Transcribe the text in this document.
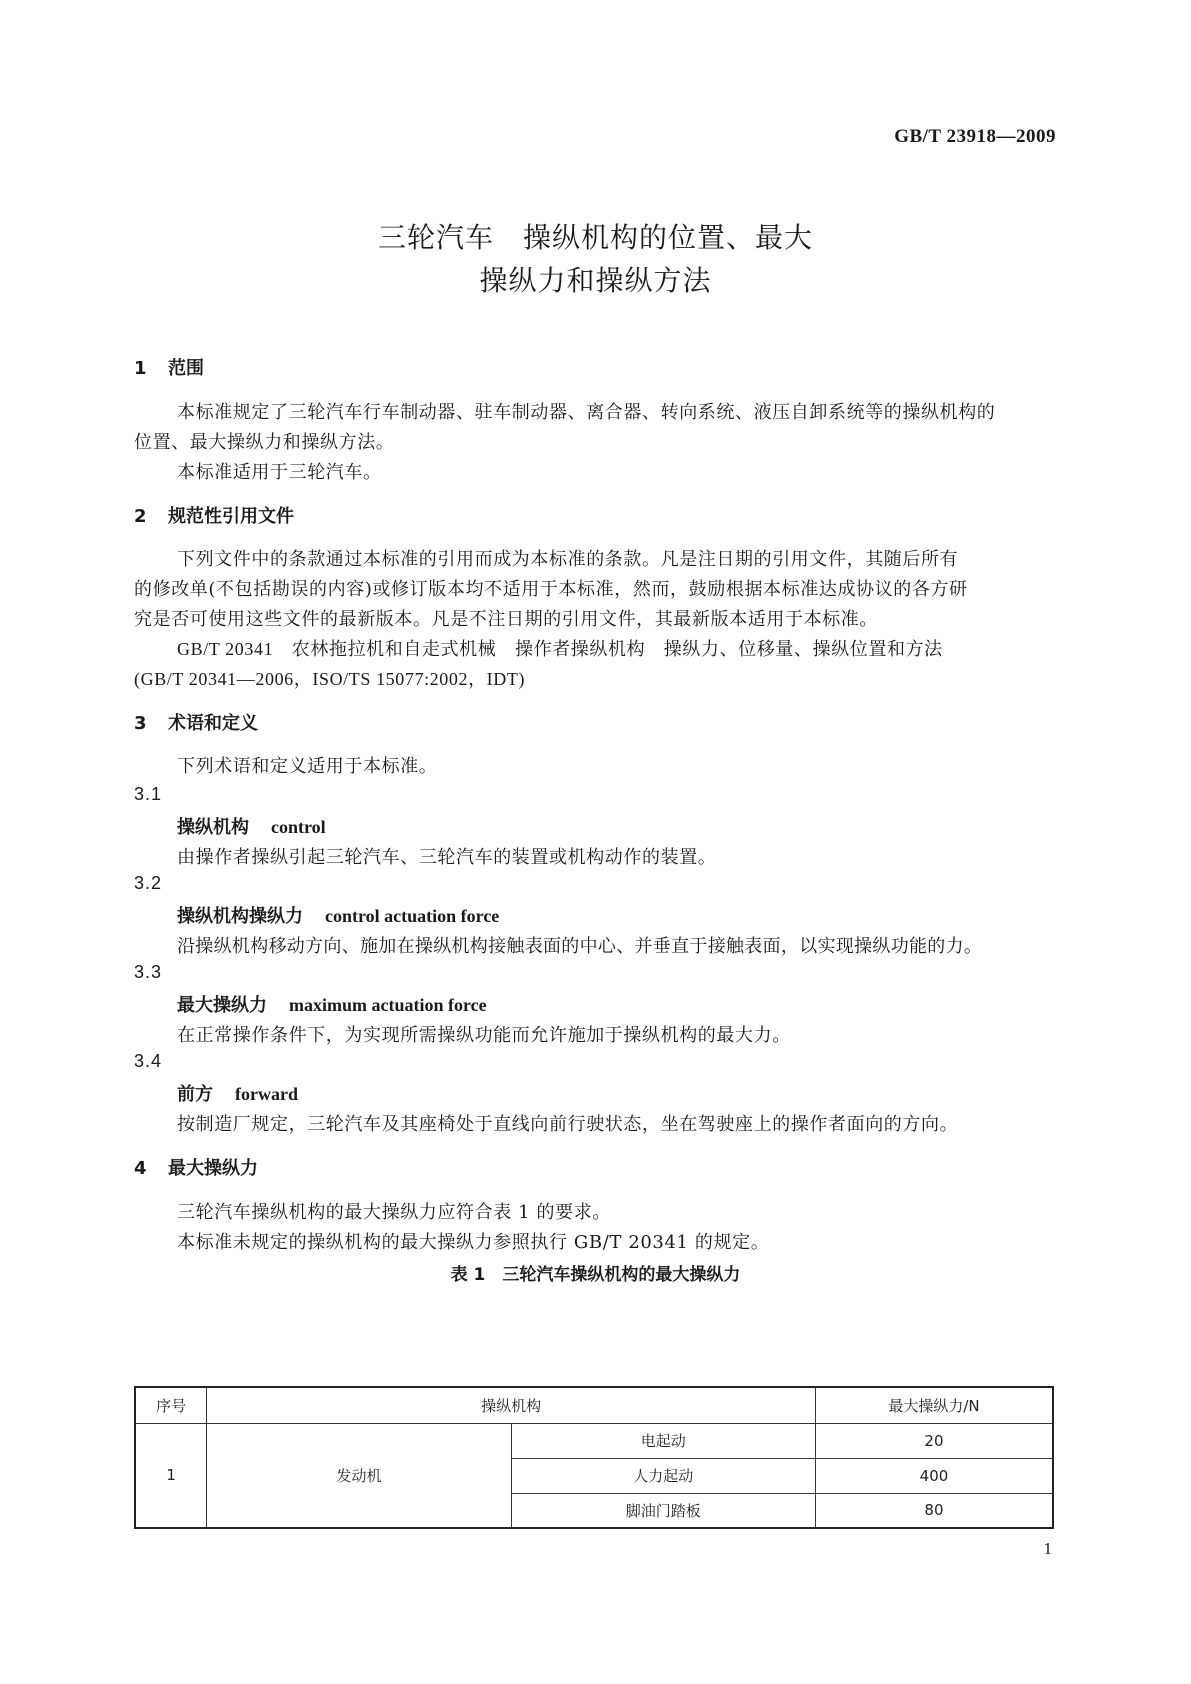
GB/T 23918—2009
三轮汽车　操纵机构的位置、最大
操纵力和操纵方法
1 范围
本标准规定了三轮汽车行车制动器、驻车制动器、离合器、转向系统、液压自卸系统等的操纵机构的
位置、最大操纵力和操纵方法。
本标准适用于三轮汽车。
2 规范性引用文件
下列文件中的条款通过本标准的引用而成为本标准的条款。凡是注日期的引用文件，其随后所有
的修改单(不包括勘误的内容)或修订版本均不适用于本标准，然而，鼓励根据本标准达成协议的各方研
究是否可使用这些文件的最新版本。凡是不注日期的引用文件，其最新版本适用于本标准。
GB/T 20341　农林拖拉机和自走式机械　操作者操纵机构　操纵力、位移量、操纵位置和方法
(GB/T 20341—2006，ISO/TS 15077:2002，IDT)
3 术语和定义
下列术语和定义适用于本标准。
3.1
操纵机构 control
由操作者操纵引起三轮汽车、三轮汽车的装置或机构动作的装置。
3.2
操纵机构操纵力 control actuation force
沿操纵机构移动方向、施加在操纵机构接触表面的中心、并垂直于接触表面，以实现操纵功能的力。
3.3
最大操纵力 maximum actuation force
在正常操作条件下，为实现所需操纵功能而允许施加于操纵机构的最大力。
3.4
前方 forward
按制造厂规定，三轮汽车及其座椅处于直线向前行驶状态，坐在驾驶座上的操作者面向的方向。
4 最大操纵力
三轮汽车操纵机构的最大操纵力应符合表 1 的要求。
本标准未规定的操纵机构的最大操纵力参照执行 GB/T 20341 的规定。
表 1　三轮汽车操纵机构的最大操纵力
序号	操纵机构		最大操纵力/N
1	发动机	电起动	20
		人力起动	400
		脚油门踏板	80
1
